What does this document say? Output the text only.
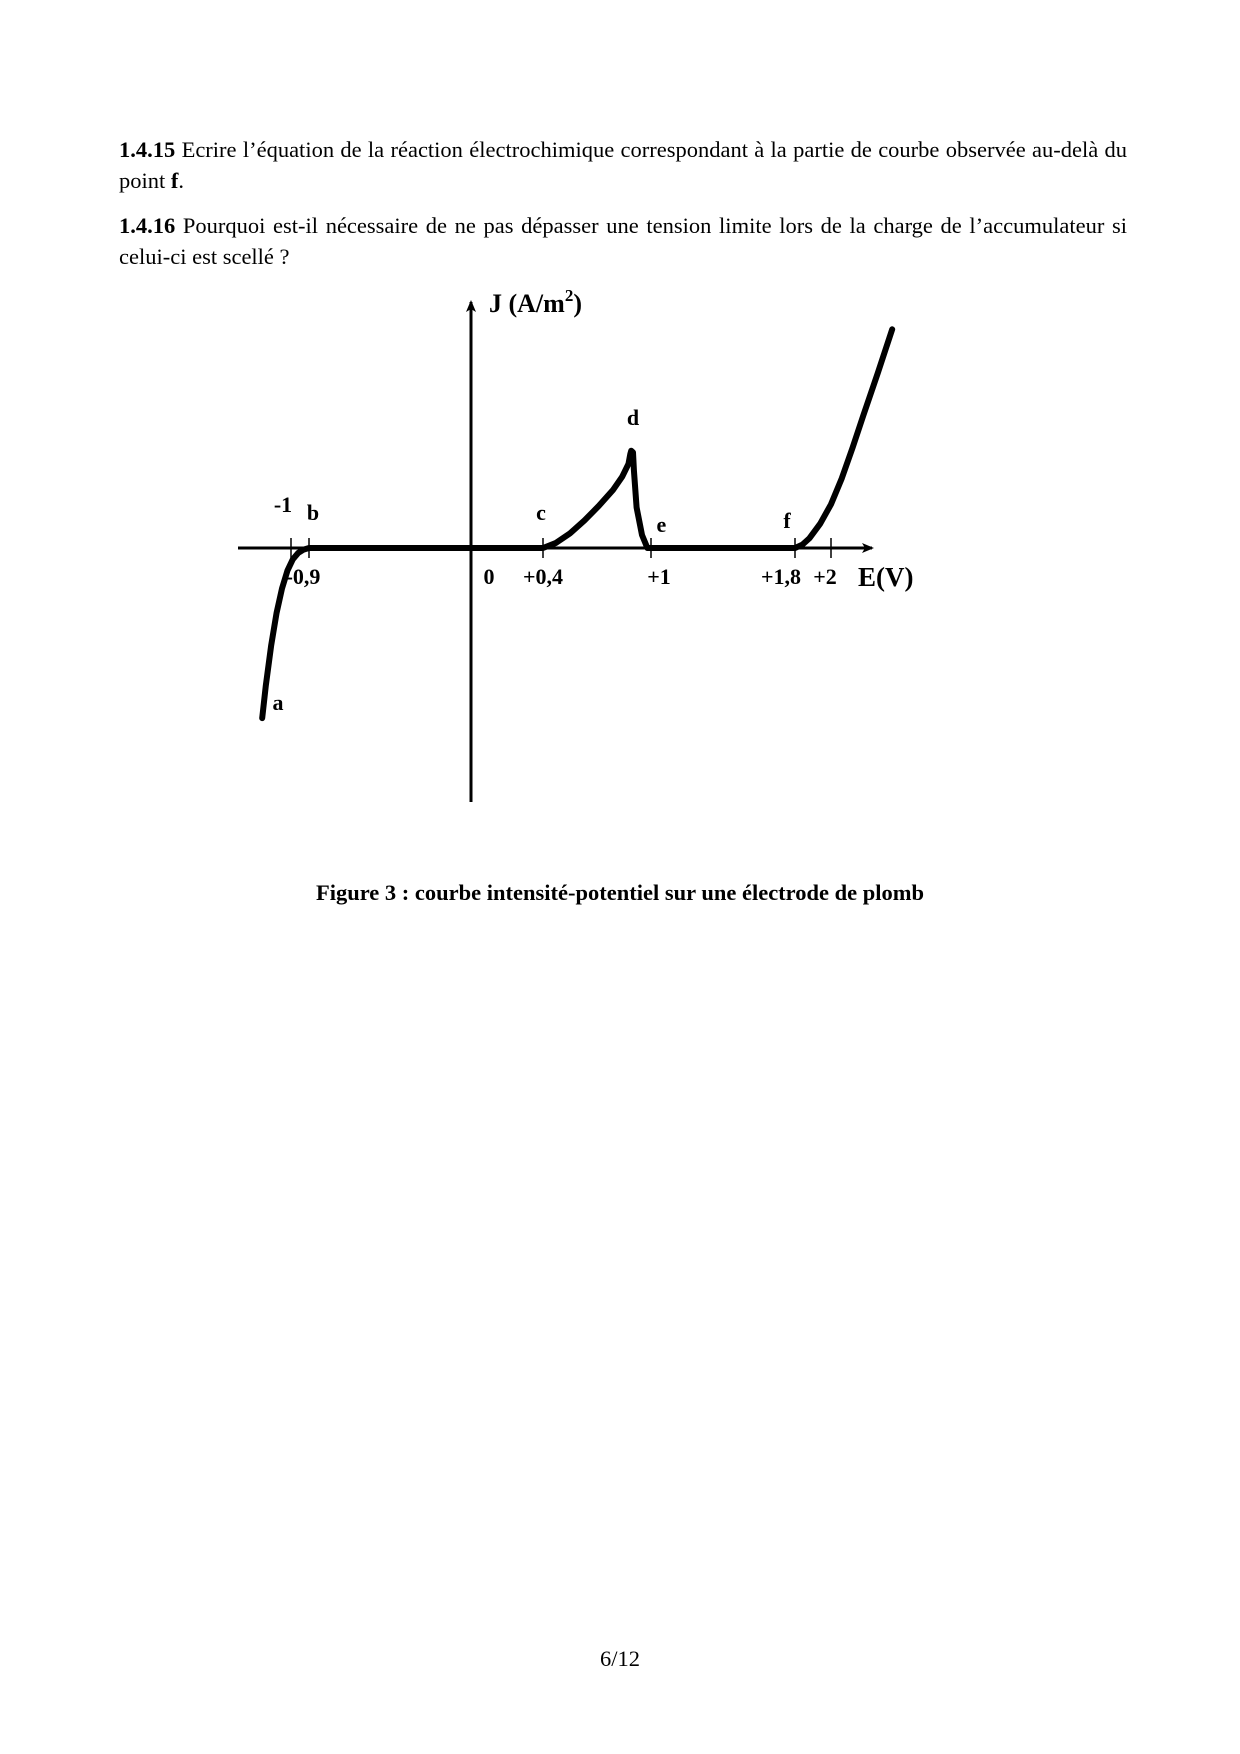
1.4.15 Ecrire l’équation de la réaction électrochimique correspondant à la partie de courbe observée au-delà du point f.

1.4.16 Pourquoi est-il nécessaire de ne pas dépasser une tension limite lors de la charge de l’accumulateur si celui-ci est scellé ?

-1
-0,9	0 +0,4	+1	+1,8 +2
a
b	c
d
e	f
J $(A/m^2)$
E(V)
Figure 3 : courbe intensité-potentiel sur une électrode de plomb
6/12
